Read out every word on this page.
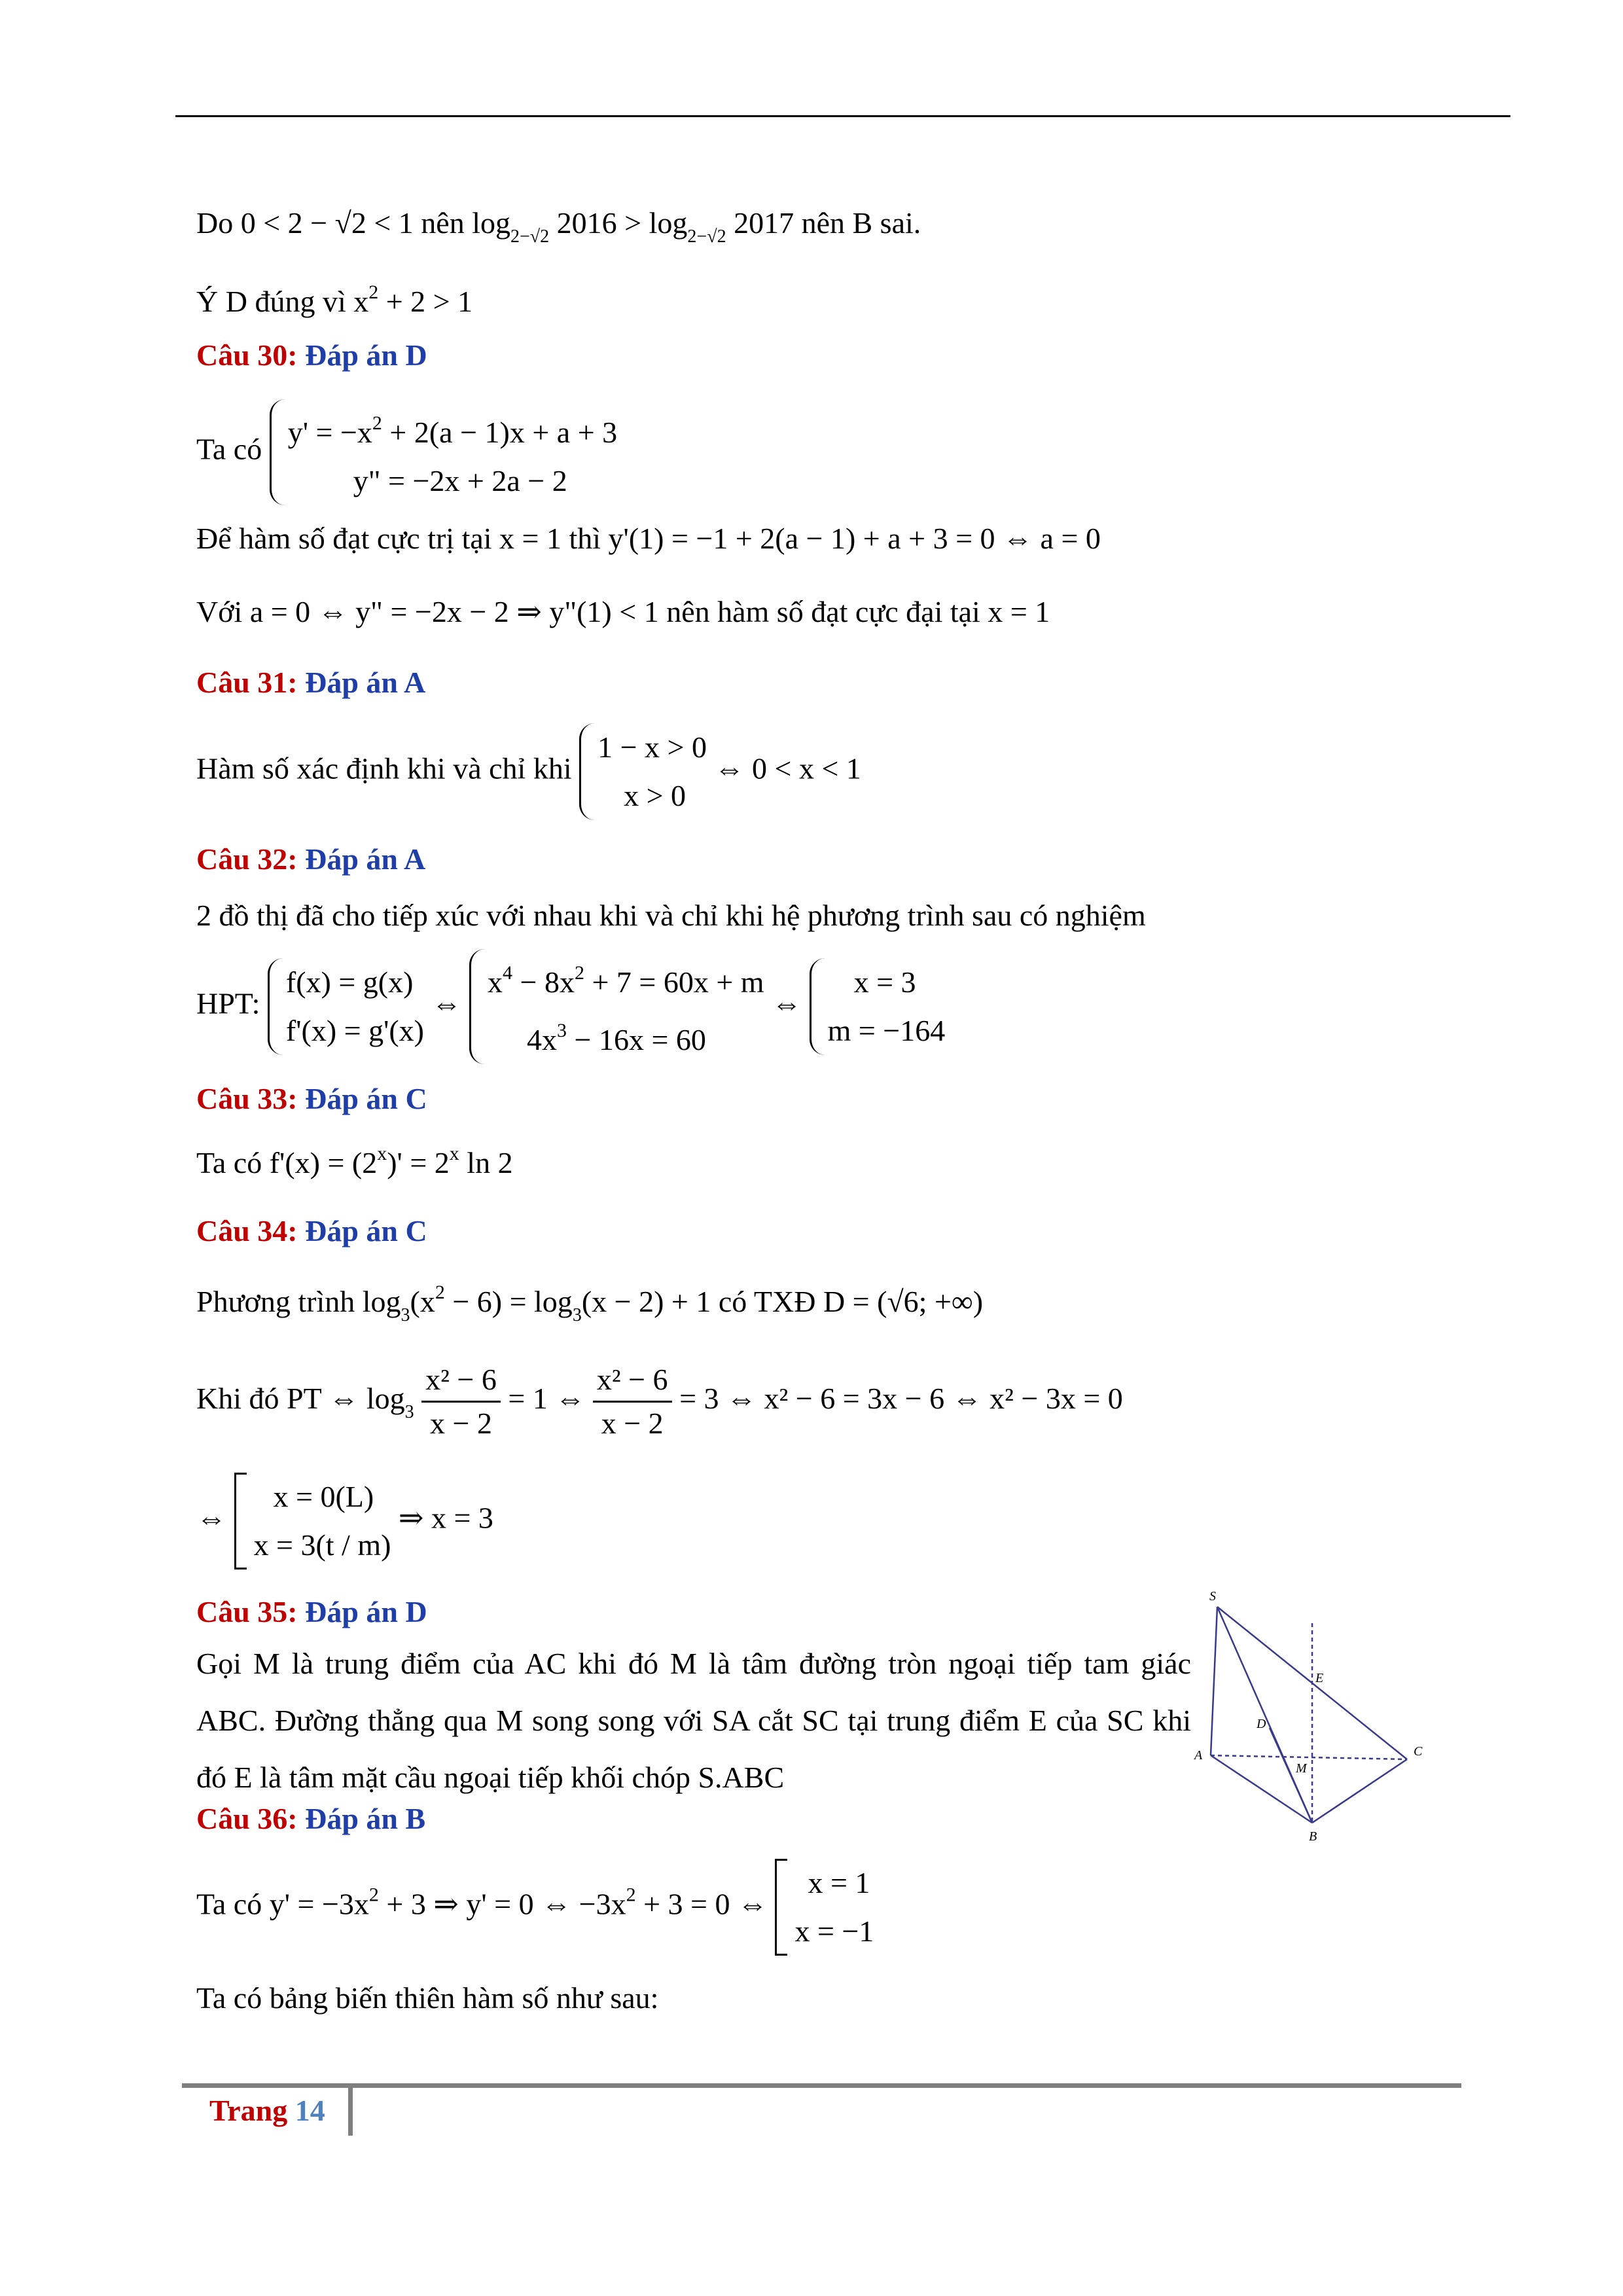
Do 0 < 2 − √2 < 1 nên $\log_{2-√2} 2016 > \log_{2-√2} 2017$ nên B sai.
Ý D đúng vì $x^2 + 2 > 1$
Câu 30: Đáp án D
Ta có
$y' = -x^2 + 2(a - 1)x + a + 3$
y" = −2x + 2a − 2
Để hàm số đạt cực trị tại x = 1 thì y'(1) = −1 + 2(a − 1) + a + 3 = 0 ⇔ a = 0
Với a = 0 ⇔ y" = −2x − 2 ⇒ y"(1) < 1 nên hàm số đạt cực đại tại x = 1
Câu 31: Đáp án A
Hàm số xác định khi và chỉ khi
1 − x > 0
x > 0
⇔ 0 < x < 1
Câu 32: Đáp án A
2 đồ thị đã cho tiếp xúc với nhau khi và chỉ khi hệ phương trình sau có nghiệm
HPT:
f(x) = g(x)
f'(x) = g'(x)
⇔
$x^4 - 8x^2 + 7 = 60x + m$
$4x^3 - 16x = 60$
⇔
x = 3
m = −164
Câu 33: Đáp án C
Ta có $f'(x) = (2^x)' = 2^x$ ln 2
Câu 34: Đáp án C
Phương trình $\log_3(x^2 - 6) = \log_3(x - 2) + 1$ có TXĐ D = (√6; +∞)
Khi đó PT ⇔ $\log_3 \frac{\text{x² − 6}}{x - 2} = 1$ ⇔ $\frac{\text{x² − 6}}{x - 2} = 3$ ⇔ x² − 6 = 3x − 6 ⇔ x² − 3x = 0
⇔
x = 0(L)
x = 3(t / m)
⇒ x = 3
Câu 35: Đáp án D
Gọi M là trung điểm của AC khi đó M là tâm đường tròn ngoại tiếp tam giác ABC. Đường thẳng qua M song song với SA cắt SC tại trung điểm E của SC khi đó E là tâm mặt cầu ngoại tiếp khối chóp S.ABC
Câu 36: Đáp án B
Ta có $y' = -3x^2 + 3$ ⇒ y' = 0 ⇔ $-3x^2 + 3 = 0$ ⇔
x = 1
x = −1
Ta có bảng biến thiên hàm số như sau:
S
E
D
A
M
C
B
Trang 14
